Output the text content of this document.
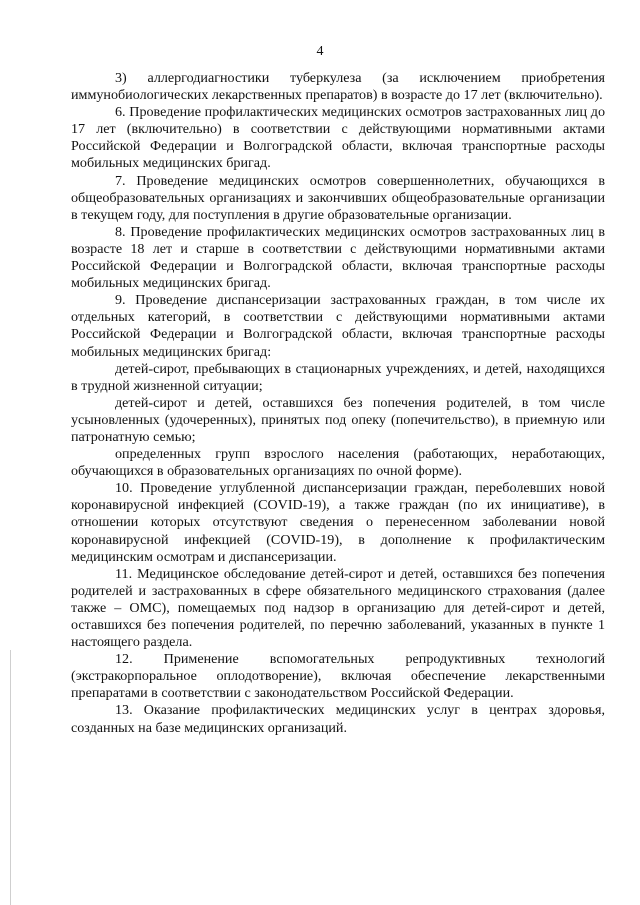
4

3) аллергодиагностики туберкулеза (за исключением приобретения иммунобиологических лекарственных препаратов) в возрасте до 17 лет (включительно).

6. Проведение профилактических медицинских осмотров застрахованных лиц до 17 лет (включительно) в соответствии с действующими нормативными актами Российской Федерации и Волгоградской области, включая транспортные расходы мобильных медицинских бригад.

7. Проведение медицинских осмотров совершеннолетних, обучающихся в общеобразовательных организациях и закончивших общеобразовательные организации в текущем году, для поступления в другие образовательные организации.

8. Проведение профилактических медицинских осмотров застрахованных лиц в возрасте 18 лет и старше в соответствии с действующими нормативными актами Российской Федерации и Волгоградской области, включая транспортные расходы мобильных медицинских бригад.

9. Проведение диспансеризации застрахованных граждан, в том числе их отдельных категорий, в соответствии с действующими нормативными актами Российской Федерации и Волгоградской области, включая транспортные расходы мобильных медицинских бригад:

детей-сирот, пребывающих в стационарных учреждениях, и детей, находящихся в трудной жизненной ситуации;

детей-сирот и детей, оставшихся без попечения родителей, в том числе усыновленных (удочеренных), принятых под опеку (попечительство), в приемную или патронатную семью;

определенных групп взрослого населения (работающих, неработающих, обучающихся в образовательных организациях по очной форме).

10. Проведение углубленной диспансеризации граждан, переболевших новой коронавирусной инфекцией (COVID-19), а также граждан (по их инициативе), в отношении которых отсутствуют сведения о перенесенном заболевании новой коронавирусной инфекцией (COVID-19), в дополнение к профилактическим медицинским осмотрам и диспансеризации.

11. Медицинское обследование детей-сирот и детей, оставшихся без попечения родителей и застрахованных в сфере обязательного медицинского страхования (далее также – ОМС), помещаемых под надзор в организацию для детей-сирот и детей, оставшихся без попечения родителей, по перечню заболеваний, указанных в пункте 1 настоящего раздела.

12. Применение вспомогательных репродуктивных технологий (экстракорпоральное оплодотворение), включая обеспечение лекарственными препаратами в соответствии с законодательством Российской Федерации.

13. Оказание профилактических медицинских услуг в центрах здоровья, созданных на базе медицинских организаций.
